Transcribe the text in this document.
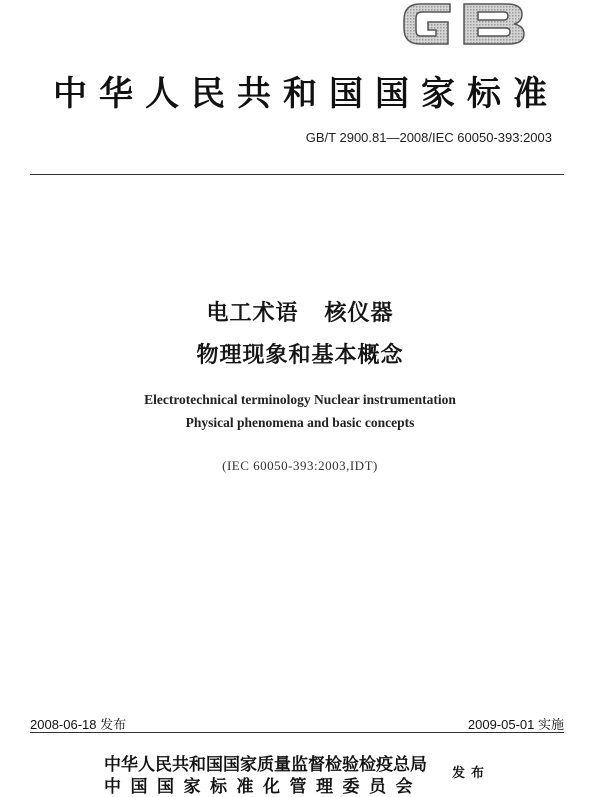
中华人民共和国国家标准
GB/T 2900.81—2008/IEC 60050-393:2003
电工术语 核仪器
物理现象和基本概念
Electrotechnical terminology Nuclear instrumentation
Physical phenomena and basic concepts
(IEC 60050-393:2003,IDT)
2008-06-18 发布	2009-05-01 实施
中华人民共和国国家质量监督检验检疫总局
中国国家标准化管理委员会
发布
